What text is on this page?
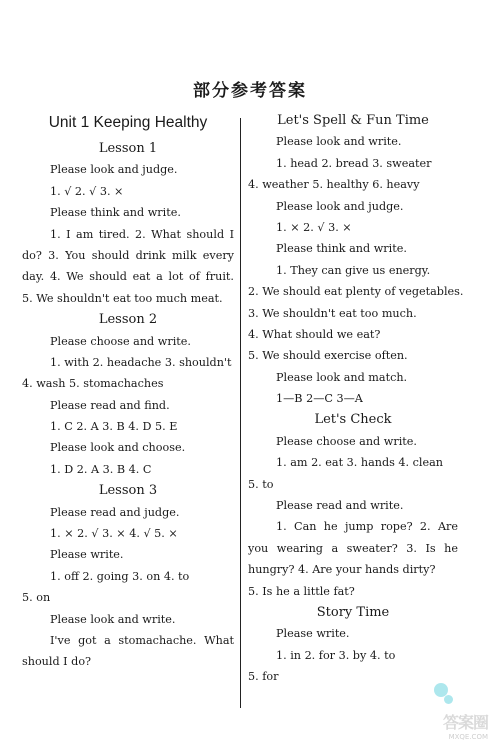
部分参考答案
Unit 1 Keeping Healthy
Lesson 1
Please look and judge.
1. √ 2. √ 3. ×
Please think and write.
1. I am tired. 2. What should I
do? 3. You should drink milk every
day. 4. We should eat a lot of fruit.
5. We shouldn't eat too much meat.
Lesson 2
Please choose and write.
1. with 2. headache 3. shouldn't
4. wash 5. stomachaches
Please read and find.
1. C 2. A 3. B 4. D 5. E
Please look and choose.
1. D 2. A 3. B 4. C
Lesson 3
Please read and judge.
1. × 2. √ 3. × 4. √ 5. ×
Please write.
1. off 2. going 3. on 4. to
5. on
Please look and write.
I've got a stomachache. What
should I do?
Let's Spell & Fun Time
Please look and write.
1. head 2. bread 3. sweater
4. weather 5. healthy 6. heavy
Please look and judge.
1. × 2. √ 3. ×
Please think and write.
1. They can give us energy.
2. We should eat plenty of vegetables.
3. We shouldn't eat too much.
4. What should we eat?
5. We should exercise often.
Please look and match.
1—B 2—C 3—A
Let's Check
Please choose and write.
1. am 2. eat 3. hands 4. clean
5. to
Please read and write.
1. Can he jump rope? 2. Are
you wearing a sweater? 3. Is he
hungry? 4. Are your hands dirty?
5. Is he a little fat?
Story Time
Please write.
1. in 2. for 3. by 4. to
5. for
答案圈
MXQE.COM
